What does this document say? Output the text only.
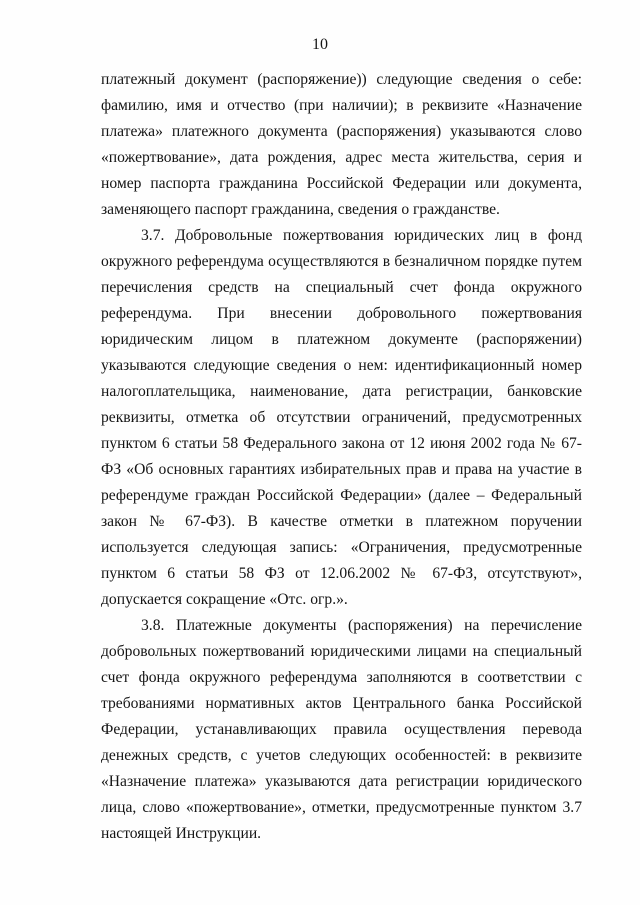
10

платежный документ (распоряжение)) следующие сведения о себе: фамилию, имя и отчество (при наличии); в реквизите «Назначение платежа» платежного документа (распоряжения) указываются слово «пожертвование», дата рождения, адрес места жительства, серия и номер паспорта гражданина Российской Федерации или документа, заменяющего паспорт гражданина, сведения о гражданстве.

3.7. Добровольные пожертвования юридических лиц в фонд окружного референдума осуществляются в безналичном порядке путем перечисления средств на специальный счет фонда окружного референдума. При внесении добровольного пожертвования юридическим лицом в платежном документе (распоряжении) указываются следующие сведения о нем: идентификационный номер налогоплательщика, наименование, дата регистрации, банковские реквизиты, отметка об отсутствии ограничений, предусмотренных пунктом 6 статьи 58 Федерального закона от 12 июня 2002 года № 67-ФЗ «Об основных гарантиях избирательных прав и права на участие в референдуме граждан Российской Федерации» (далее – Федеральный закон № 67-ФЗ). В качестве отметки в платежном поручении используется следующая запись: «Ограничения, предусмотренные пунктом 6 статьи 58 ФЗ от 12.06.2002 № 67-ФЗ, отсутствуют», допускается сокращение «Отс. огр.».

3.8. Платежные документы (распоряжения) на перечисление добровольных пожертвований юридическими лицами на специальный счет фонда окружного референдума заполняются в соответствии с требованиями нормативных актов Центрального банка Российской Федерации, устанавливающих правила осуществления перевода денежных средств, с учетов следующих особенностей: в реквизите «Назначение платежа» указываются дата регистрации юридического лица, слово «пожертвование», отметки, предусмотренные пунктом 3.7 настоящей Инструкции.
